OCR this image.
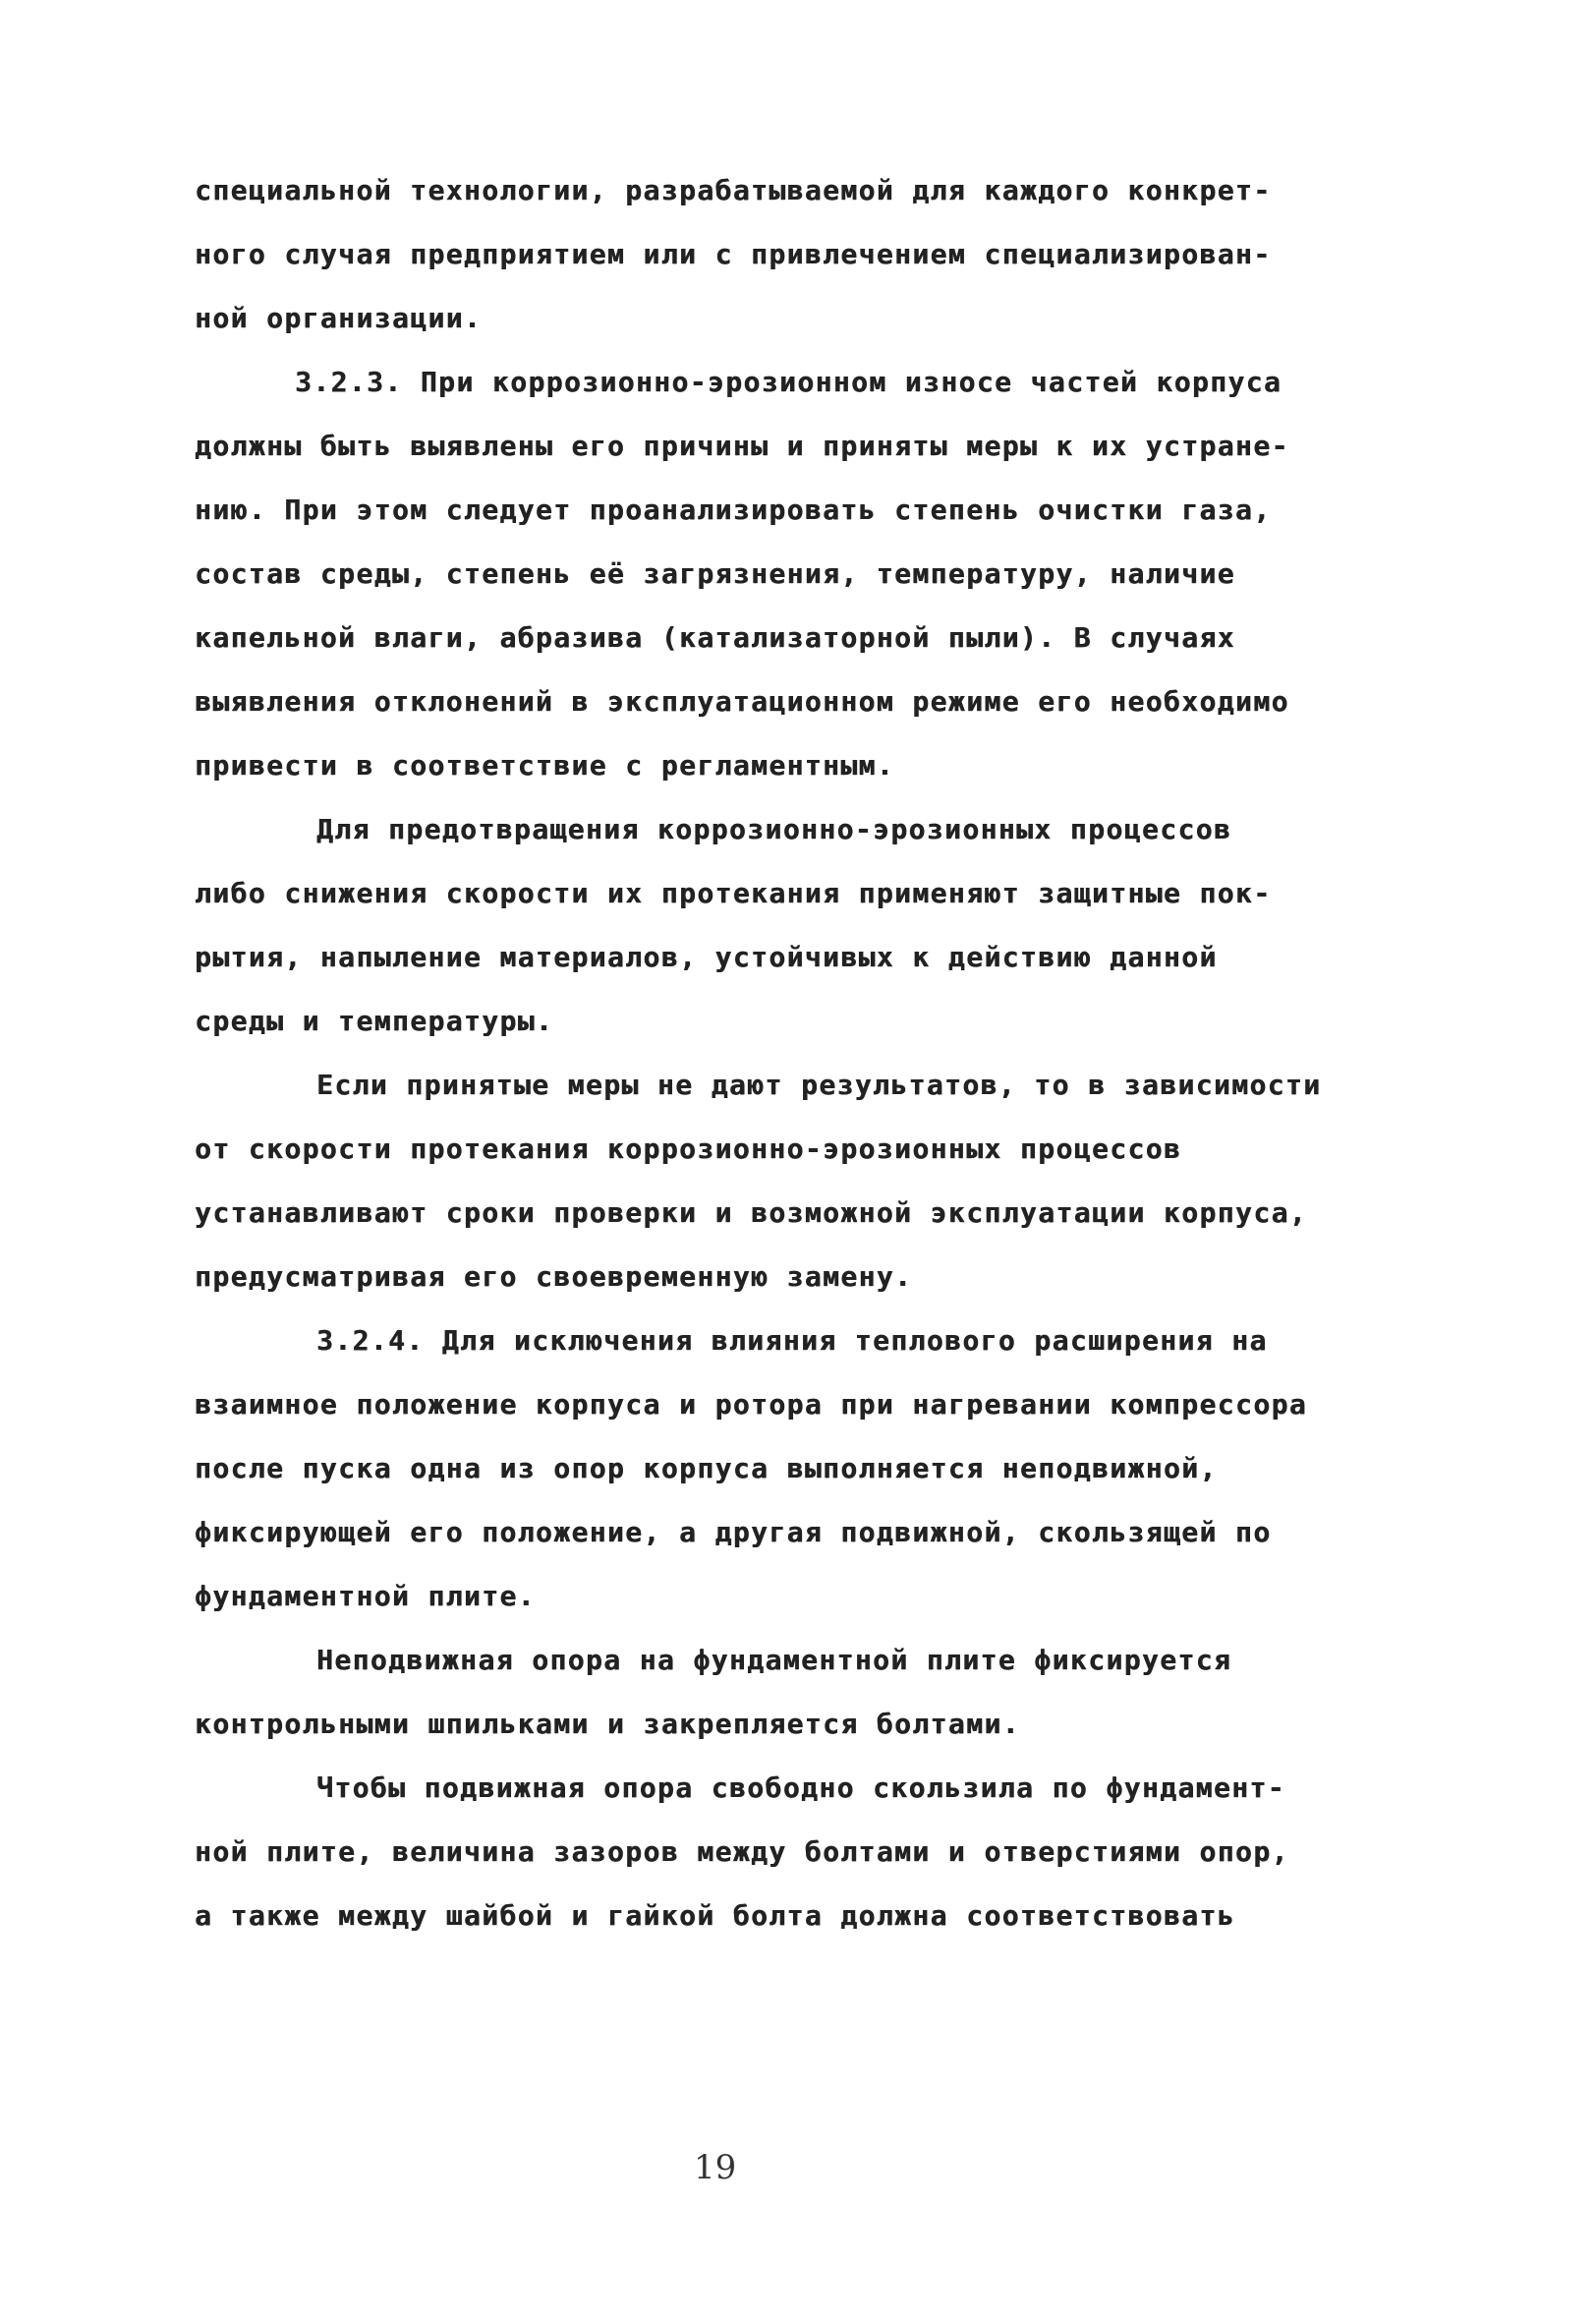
специальной технологии, разрабатываемой для каждого конкрет-
ного случая предприятием или с привлечением специализирован-
ной организации.
3.2.3. При коррозионно-эрозионном износе частей корпуса
должны быть выявлены его причины и приняты меры к их устране-
нию. При этом следует проанализировать степень очистки газа,
состав среды, степень её загрязнения, температуру, наличие
капельной влаги, абразива (катализаторной пыли). В случаях
выявления отклонений в эксплуатационном режиме его необходимо
привести в соответствие с регламентным.
Для предотвращения коррозионно-эрозионных процессов
либо снижения скорости их протекания применяют защитные пок-
рытия, напыление материалов, устойчивых к действию данной
среды и температуры.
Если принятые меры не дают результатов, то в зависимости
от скорости протекания коррозионно-эрозионных процессов
устанавливают сроки проверки и возможной эксплуатации корпуса,
предусматривая его своевременную замену.
3.2.4. Для исключения влияния теплового расширения на
взаимное положение корпуса и ротора при нагревании компрессора
после пуска одна из опор корпуса выполняется неподвижной,
фиксирующей его положение, а другая подвижной, скользящей по
фундаментной плите.
Неподвижная опора на фундаментной плите фиксируется
контрольными шпильками и закрепляется болтами.
Чтобы подвижная опора свободно скользила по фундамент-
ной плите, величина зазоров между болтами и отверстиями опор,
а также между шайбой и гайкой болта должна соответствовать
19
